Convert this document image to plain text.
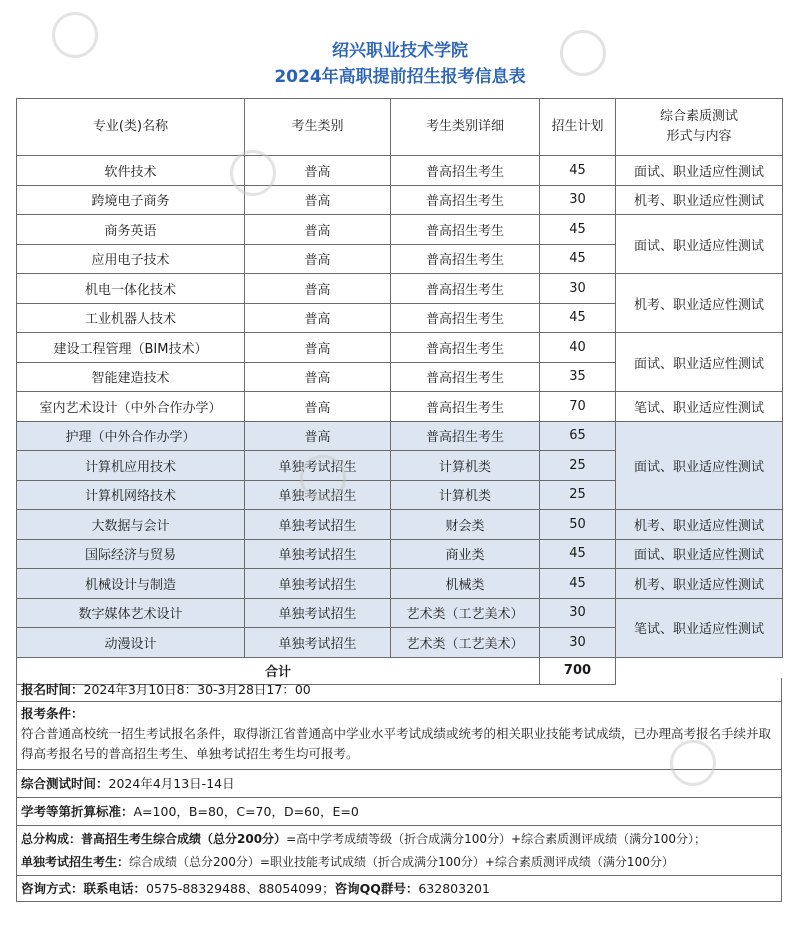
绍兴职业技术学院
2024年高职提前招生报考信息表
专业(类)名称	考生类别	考生类别详细	招生计划	综合素质测试
形式与内容
软件技术	普高	普高招生考生	45	面试、职业适应性测试
跨境电子商务	普高	普高招生考生	30	机考、职业适应性测试
商务英语	普高	普高招生考生	45	面试、职业适应性测试
应用电子技术	普高	普高招生考生	45	
机电一体化技术	普高	普高招生考生	30	机考、职业适应性测试
工业机器人技术	普高	普高招生考生	45	
建设工程管理（BIM技术）	普高	普高招生考生	40	面试、职业适应性测试
智能建造技术	普高	普高招生考生	35	
室内艺术设计（中外合作办学）	普高	普高招生考生	70	笔试、职业适应性测试
护理（中外合作办学）	普高	普高招生考生	65	面试、职业适应性测试
计算机应用技术	单独考试招生	计算机类	25	
计算机网络技术	单独考试招生	计算机类	25	
大数据与会计	单独考试招生	财会类	50	机考、职业适应性测试
国际经济与贸易	单独考试招生	商业类	45	面试、职业适应性测试
机械设计与制造	单独考试招生	机械类	45	机考、职业适应性测试
数字媒体艺术设计	单独考试招生	艺术类（工艺美术）	30	笔试、职业适应性测试
动漫设计	单独考试招生	艺术类（工艺美术）	30	
合计			700	
报名时间：2024年3月10日8：30-3月28日17：00
报考条件：
符合普通高校统一招生考试报名条件，取得浙江省普通高中学业水平考试成绩或统考的相关职业技能考试成绩，已办理高考报名手续并取得高考报名号的普高招生考生、单独考试招生考生均可报考。
综合测试时间：2024年4月13日-14日
学考等第折算标准：A=100，B=80，C=70，D=60，E=0
总分构成：普高招生考生综合成绩（总分200分）=高中学考成绩等级（折合成满分100分）+综合素质测评成绩（满分100分）；
单独考试招生考生：综合成绩（总分200分）=职业技能考试成绩（折合成满分100分）+综合素质测评成绩（满分100分）
咨询方式：联系电话：0575-88329488、88054099；咨询QQ群号：632803201
